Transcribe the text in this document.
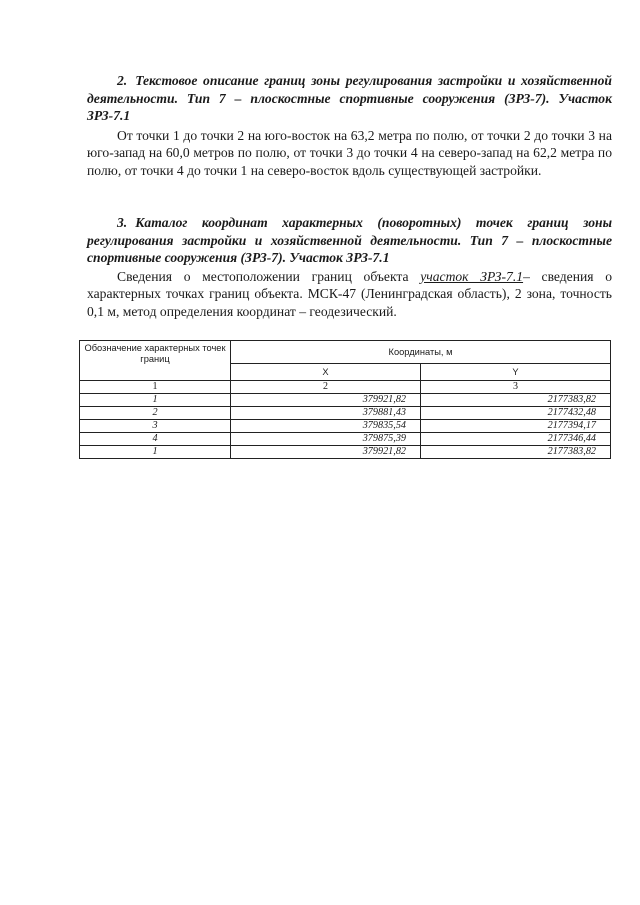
2. Текстовое описание границ зоны регулирования застройки и хозяйственной деятельности. Тип 7 – плоскостные спортивные сооружения (ЗРЗ-7). Участок ЗРЗ-7.1
От точки 1 до точки 2 на юго-восток на 63,2 метра по полю, от точки 2 до точки 3 на юго-запад на 60,0 метров по полю, от точки 3 до точки 4 на северо-запад на 62,2 метра по полю, от точки 4 до точки 1 на северо-восток вдоль существующей застройки.
3. Каталог координат характерных (поворотных) точек границ зоны регулирования застройки и хозяйственной деятельности. Тип 7 – плоскостные спортивные сооружения (ЗРЗ-7). Участок ЗРЗ-7.1
Сведения о местоположении границ объекта участок ЗРЗ-7.1– сведения о характерных точках границ объекта. МСК-47 (Ленинградская область), 2 зона, точность 0,1 м, метод определения координат – геодезический.
Обозначение характерных точек границ	Координаты, м	
	X	Y
1	2	3
1	379921,82	2177383,82
2	379881,43	2177432,48
3	379835,54	2177394,17
4	379875,39	2177346,44
1	379921,82	2177383,82
